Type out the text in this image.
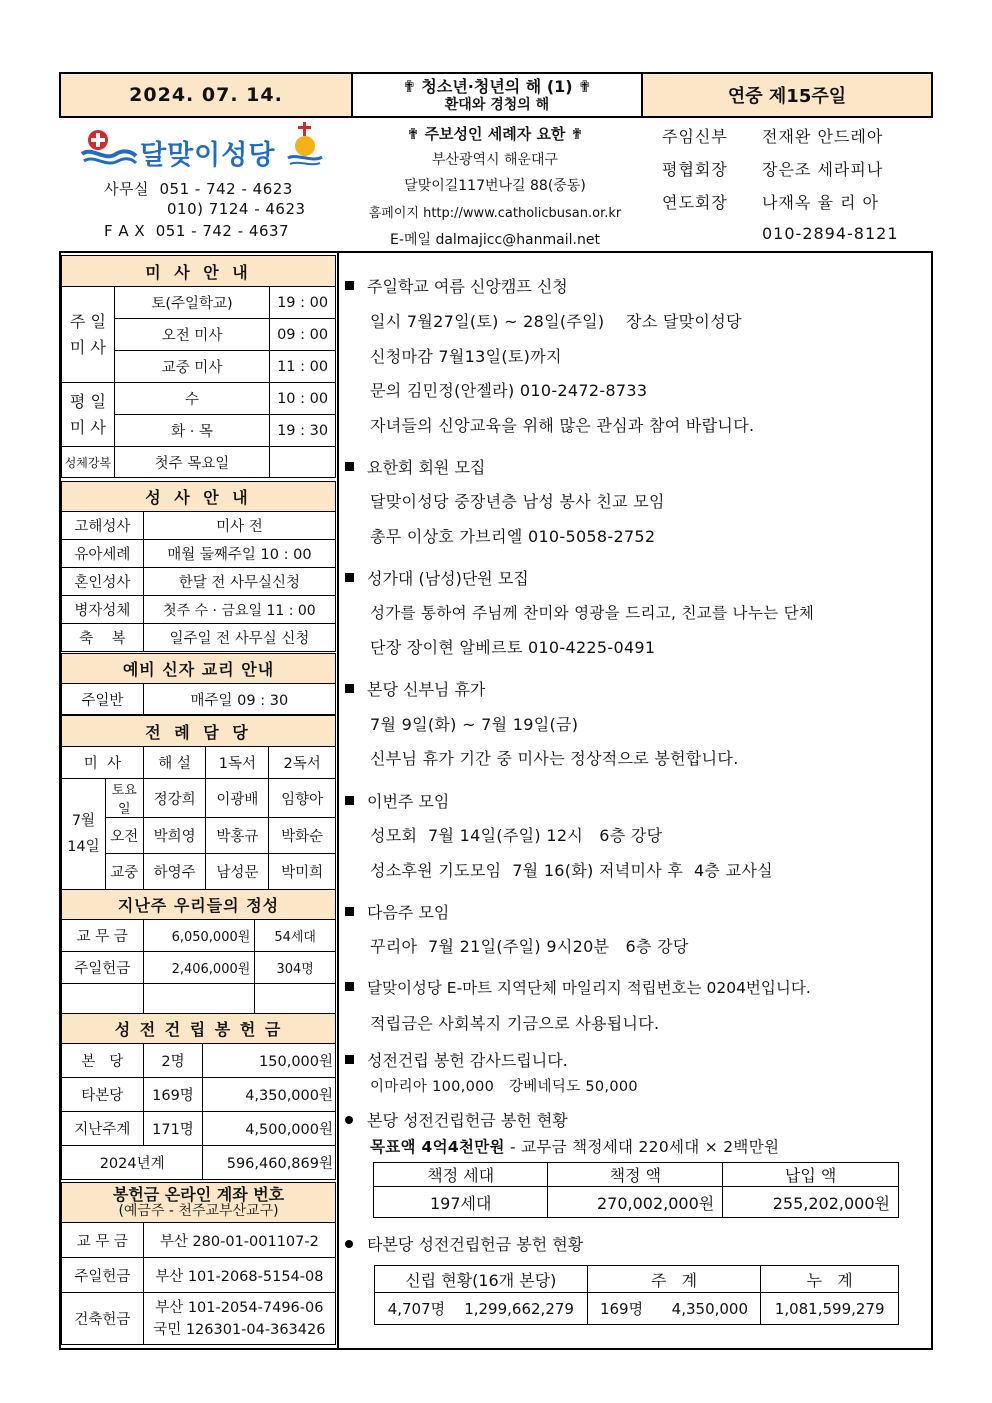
2024. 07. 14.	✟ 청소년·청년의 해 (1) ✟
환대와 경청의 해	연중 제15주일
달맞이성당
사무실  051 - 742 - 4623
010) 7124 - 4623
F A X  051 - 742 - 4637
✟ 주보성인 세례자 요한 ✟
부산광역시 해운대구
달맞이길117번나길 88(중동)
홈페이지 http://www.catholicbusan.or.kr
E-메일 dalmajicc@hanmail.net
주임신부 전재완 안드레아
평협회장 장은조 세라피나
연도회장 나재옥 율 리 아
010-2894-8121
미 사 안 내		
주 일
미 사	토(주일학교)	19 : 00
	오전 미사	09 : 00
	교중 미사	11 : 00
평 일
미 사	수	10 : 00
	화 · 목	19 : 30
성체강복	첫주 목요일	
성 사 안 내	
고해성사	미사 전
유아세례	매월 둘째주일 10 : 00
혼인성사	한달 전 사무실신청
병자성체	첫주 수 · 금요일 11 : 00
축    복	일주일 전 사무실 신청
예비 신자 교리 안내
주일반	매주일 09 : 30
전 례 담 당				
미  사		해 설	1독서	2독서
7월
14일	토요일	정강희	이광배	임향아
	오전	박희영	박홍규	박화순
	교중	하영주	남성문	박미희
지난주 우리들의 정성		
교 무 금	6,050,000원	54세대
주일헌금	2,406,000원	304명

성 전 건 립 봉 헌 금		
본   당	2명	150,000원
타본당	169명	4,350,000원
지난주계	171명	4,500,000원
2024년계		596,460,869원
봉헌금 온라인 계좌 번호
(예금주 - 천주교부산교구)	

교 무 금	부산 280-01-001107-2
주일헌금	부산 101-2068-5154-08
건축헌금	부산 101-2054-7496-06
국민 126301-04-363426
주일학교 여름 신앙캠프 신청
일시 7월27일(토) ~ 28일(주일)    장소 달맞이성당
신청마감 7월13일(토)까지
문의 김민정(안젤라) 010-2472-8733
자녀들의 신앙교육을 위해 많은 관심과 참여 바랍니다.
요한회 회원 모집
달맞이성당 중장년층 남성 봉사 친교 모임
총무 이상호 가브리엘 010-5058-2752
성가대 (남성)단원 모집
성가를 통하여 주님께 찬미와 영광을 드리고, 친교를 나누는 단체
단장 장이현 알베르토 010-4225-0491
본당 신부님 휴가
7월 9일(화) ~ 7월 19일(금)
신부님 휴가 기간 중 미사는 정상적으로 봉헌합니다.
이번주 모임
성모회  7월 14일(주일) 12시   6층 강당
성소후원 기도모임  7월 16(화) 저녁미사 후  4층 교사실
다음주 모임
꾸리아  7월 21일(주일) 9시20분   6층 강당
달맞이성당 E-마트 지역단체 마일리지 적립번호는 0204번입니다.
적립금은 사회복지 기금으로 사용됩니다.
성전건립 봉헌 감사드립니다.
이마리아 100,000   강베네딕도 50,000
본당 성전건립헌금 봉헌 현황
목표액 4억4천만원 - 교무금 책정세대 220세대 × 2백만원
책정 세대	책정 액	납입 액
197세대	270,002,000원	255,202,000원
타본당 성전건립헌금 봉헌 현황
신립 현황(16개 본당)	주   계	누   계
4,707명    1,299,662,279	169명      4,350,000	1,081,599,279
